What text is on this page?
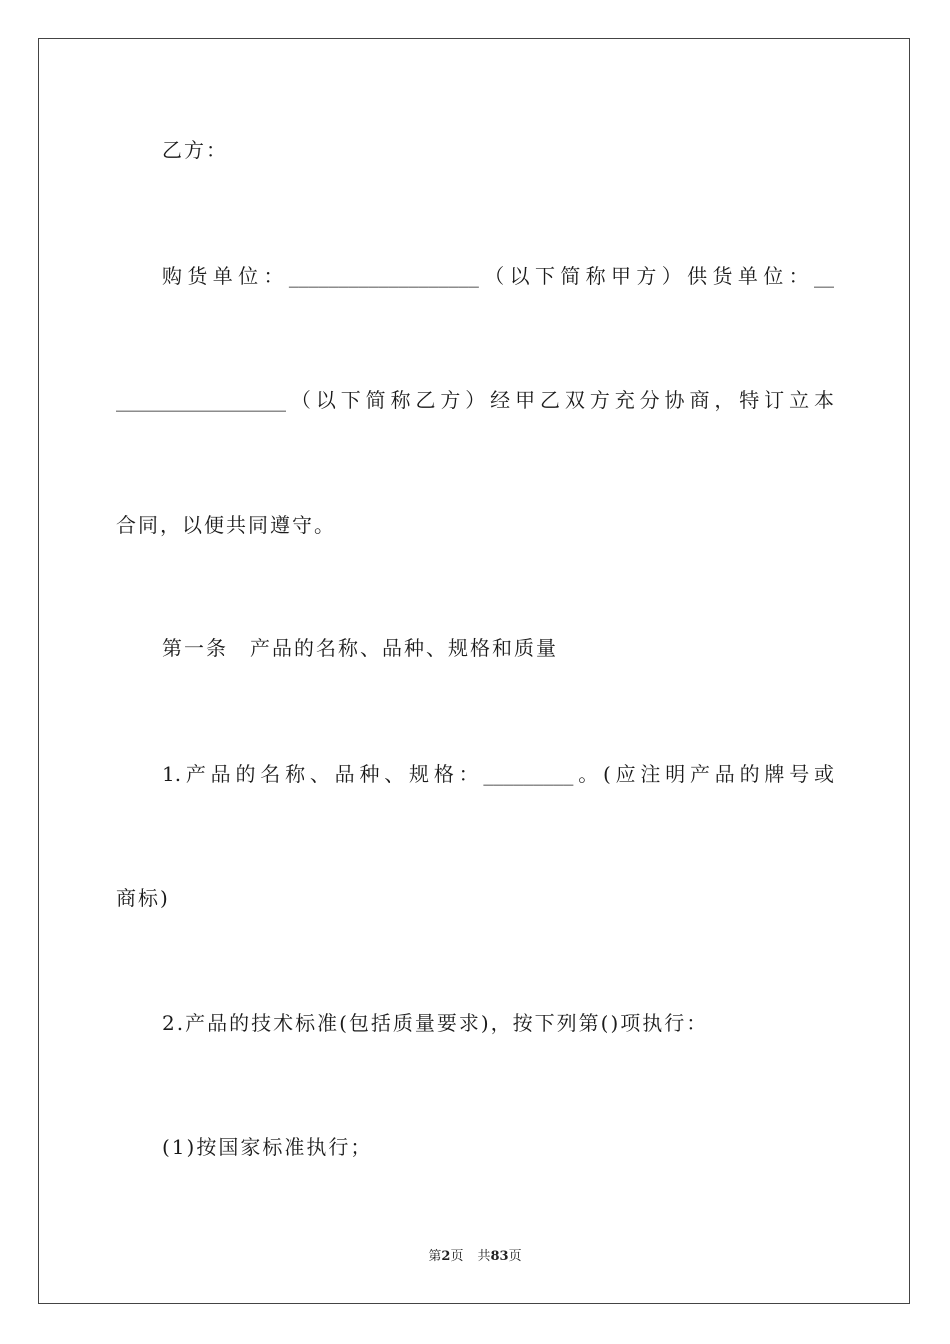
乙方：
购货单位：___________________（以下简称甲方）供货单位：__
_________________（以下简称乙方）经甲乙双方充分协商，特订立本
合同，以便共同遵守。
第一条　产品的名称、品种、规格和质量
1.产品的名称、品种、规格：_________。(应注明产品的牌号或
商标)
2.产品的技术标准(包括质量要求)，按下列第()项执行：
(1)按国家标准执行；
第2页 共83页
